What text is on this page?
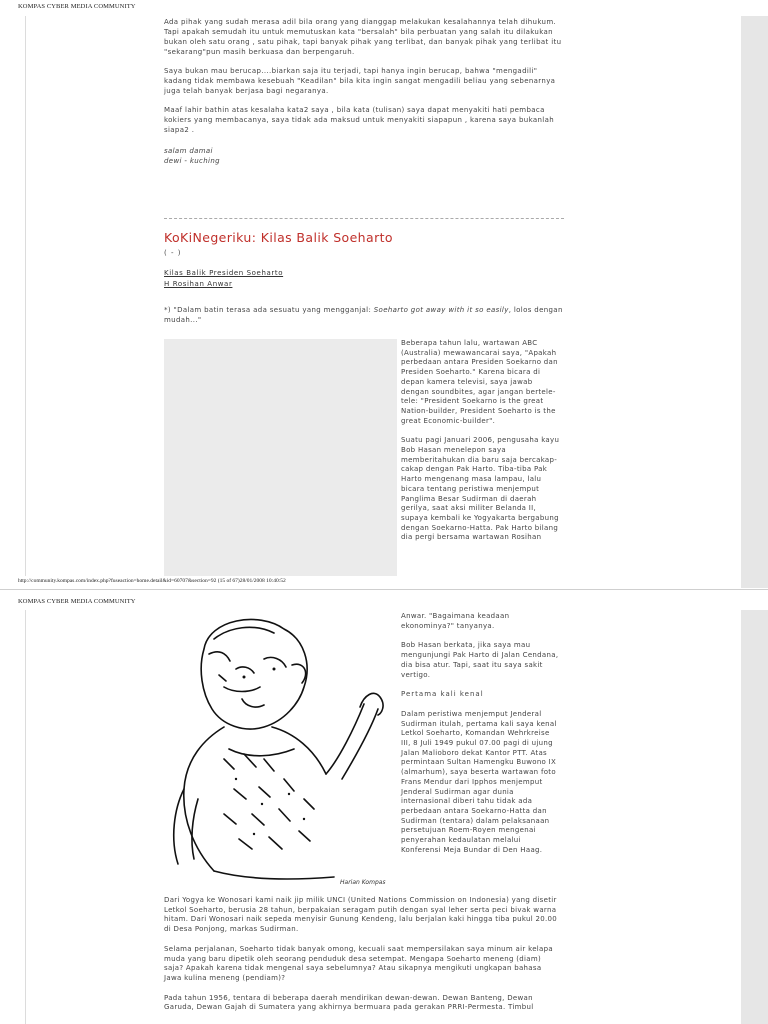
KOMPAS CYBER MEDIA COMMUNITY

Ada pihak yang sudah merasa adil bila orang yang dianggap melakukan kesalahannya telah dihukum. Tapi apakah semudah itu untuk memutuskan kata "bersalah" bila perbuatan yang salah itu dilakukan bukan oleh satu orang , satu pihak, tapi banyak pihak yang terlibat, dan banyak pihak yang terlibat itu "sekarang"pun masih berkuasa dan berpengaruh.

Saya bukan mau berucap....biarkan saja itu terjadi, tapi hanya ingin berucap, bahwa "mengadili" kadang tidak membawa kesebuah "Keadilan" bila kita ingin sangat mengadili beliau yang sebenarnya juga telah banyak berjasa bagi negaranya.

Maaf lahir bathin atas kesalaha kata2 saya , bila kata (tulisan) saya dapat menyakiti hati pembaca kokiers yang membacanya, saya tidak ada maksud untuk menyakiti siapapun , karena saya bukanlah siapa2 .

salam damai

dewi - kuching

KoKiNegeriku: Kilas Balik Soeharto
( - )
Kilas Balik Presiden Soeharto
H Rosihan Anwar

*) "Dalam batin terasa ada sesuatu yang mengganjal: Soeharto got away with it so easily, lolos dengan mudah..."

Beberapa tahun lalu, wartawan ABC (Australia) mewawancarai saya, "Apakah perbedaan antara Presiden Soekarno dan Presiden Soeharto." Karena bicara di depan kamera televisi, saya jawab dengan soundbites, agar jangan bertele-tele: "President Soekarno is the great Nation-builder, President Soeharto is the great Economic-builder".

Suatu pagi Januari 2006, pengusaha kayu Bob Hasan menelepon saya memberitahukan dia baru saja bercakap-cakap dengan Pak Harto. Tiba-tiba Pak Harto mengenang masa lampau, lalu bicara tentang peristiwa menjemput Panglima Besar Sudirman di daerah gerilya, saat aksi militer Belanda II, supaya kembali ke Yogyakarta bergabung dengan Soekarno-Hatta. Pak Harto bilang dia pergi bersama wartawan Rosihan

http://community.kompas.com/index.php?fuseaction=home.detail&id=60707&section=92 (15 of 67)28/01/2008 10:40:52
KOMPAS CYBER MEDIA COMMUNITY
Harian Kompas

Anwar. "Bagaimana keadaan ekonominya?" tanyanya.

Bob Hasan berkata, jika saya mau mengunjungi Pak Harto di Jalan Cendana, dia bisa atur. Tapi, saat itu saya sakit vertigo.

Pertama kali kenal

Dalam peristiwa menjemput Jenderal Sudirman itulah, pertama kali saya kenal Letkol Soeharto, Komandan Wehrkreise III, 8 Juli 1949 pukul 07.00 pagi di ujung Jalan Malioboro dekat Kantor PTT. Atas permintaan Sultan Hamengku Buwono IX (almarhum), saya beserta wartawan foto Frans Mendur dari Ipphos menjemput Jenderal Sudirman agar dunia internasional diberi tahu tidak ada perbedaan antara Soekarno-Hatta dan Sudirman (tentara) dalam pelaksanaan persetujuan Roem-Royen mengenai penyerahan kedaulatan melalui Konferensi Meja Bundar di Den Haag.

Dari Yogya ke Wonosari kami naik jip milik UNCI (United Nations Commission on Indonesia) yang disetir Letkol Soeharto, berusia 28 tahun, berpakaian seragam putih dengan syal leher serta peci bivak warna hitam. Dari Wonosari naik sepeda menyisir Gunung Kendeng, lalu berjalan kaki hingga tiba pukul 20.00 di Desa Ponjong, markas Sudirman.

Selama perjalanan, Soeharto tidak banyak omong, kecuali saat mempersilakan saya minum air kelapa muda yang baru dipetik oleh seorang penduduk desa setempat. Mengapa Soeharto meneng (diam) saja? Apakah karena tidak mengenal saya sebelumnya? Atau sikapnya mengikuti ungkapan bahasa Jawa kulina meneng (pendiam)?

Pada tahun 1956, tentara di beberapa daerah mendirikan dewan-dewan. Dewan Banteng, Dewan Garuda, Dewan Gajah di Sumatera yang akhirnya bermuara pada gerakan PRRI-Permesta. Timbul
